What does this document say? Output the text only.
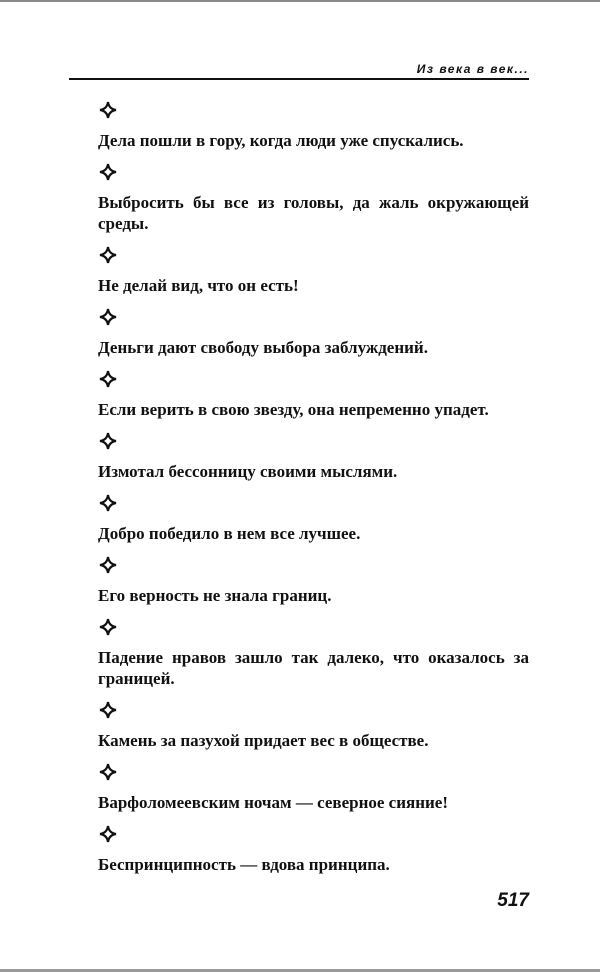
Из века в век...

Дела пошли в гору, когда люди уже спускались.

Выбросить бы все из головы, да жаль окружающей среды.

Не делай вид, что он есть!

Деньги дают свободу выбора заблуждений.

Если верить в свою звезду, она непременно упадет.

Измотал бессонницу своими мыслями.

Добро победило в нем все лучшее.

Его верность не знала границ.

Падение нравов зашло так далеко, что оказалось за границей.

Камень за пазухой придает вес в обществе.

Варфоломеевским ночам — северное сияние!

Беспринципность — вдова принципа.

517
